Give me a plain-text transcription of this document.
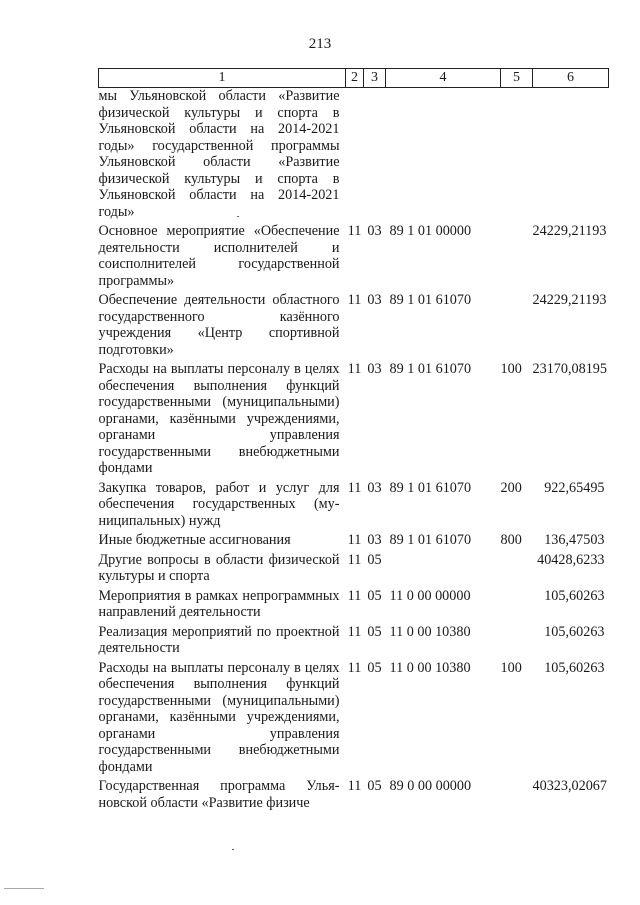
213
1	2	3	4	5	6
мы Ульяновской области «Развитие физической культуры и спорта в Ульяновской области на 2014-2021 годы» государственной программы Ульяновской области «Развитие физической культуры и спорта в Ульяновской области на 2014-2021 годы»					
Основное мероприятие «Обеспечение деятельности исполнителей и соисполнителей государственной программы»	11	03	89 1 01 00000		24229,21193
Обеспечение деятельности областного государственного казённого учреждения «Центр спортивной подготовки»	11	03	89 1 01 61070		24229,21193
Расходы на выплаты персоналу в целях обеспечения выполнения функций государственными (муниципальными) органами, казёнными учреждениями, органами управления государственными внебюджетными фондами	11	03	89 1 01 61070	100	23170,08195
Закупка товаров, работ и услуг для обеспечения государственных (муниципальных) нужд	11	03	89 1 01 61070	200	922,65495
Иные бюджетные ассигнования	11	03	89 1 01 61070	800	136,47503
Другие вопросы в области физической культуры и спорта	11	05			40428,6233
Мероприятия в рамках непрограммных направлений деятельности	11	05	11 0 00 00000		105,60263
Реализация мероприятий по проектной деятельности	11	05	11 0 00 10380		105,60263
Расходы на выплаты персоналу в целях обеспечения выполнения функций государственными (муниципальными) органами, казёнными учреждениями, органами управления государственными внебюджетными фондами	11	05	11 0 00 10380	100	105,60263
Государственная программа Ульяновской области «Развитие физиче	11	05	89 0 00 00000		40323,02067
